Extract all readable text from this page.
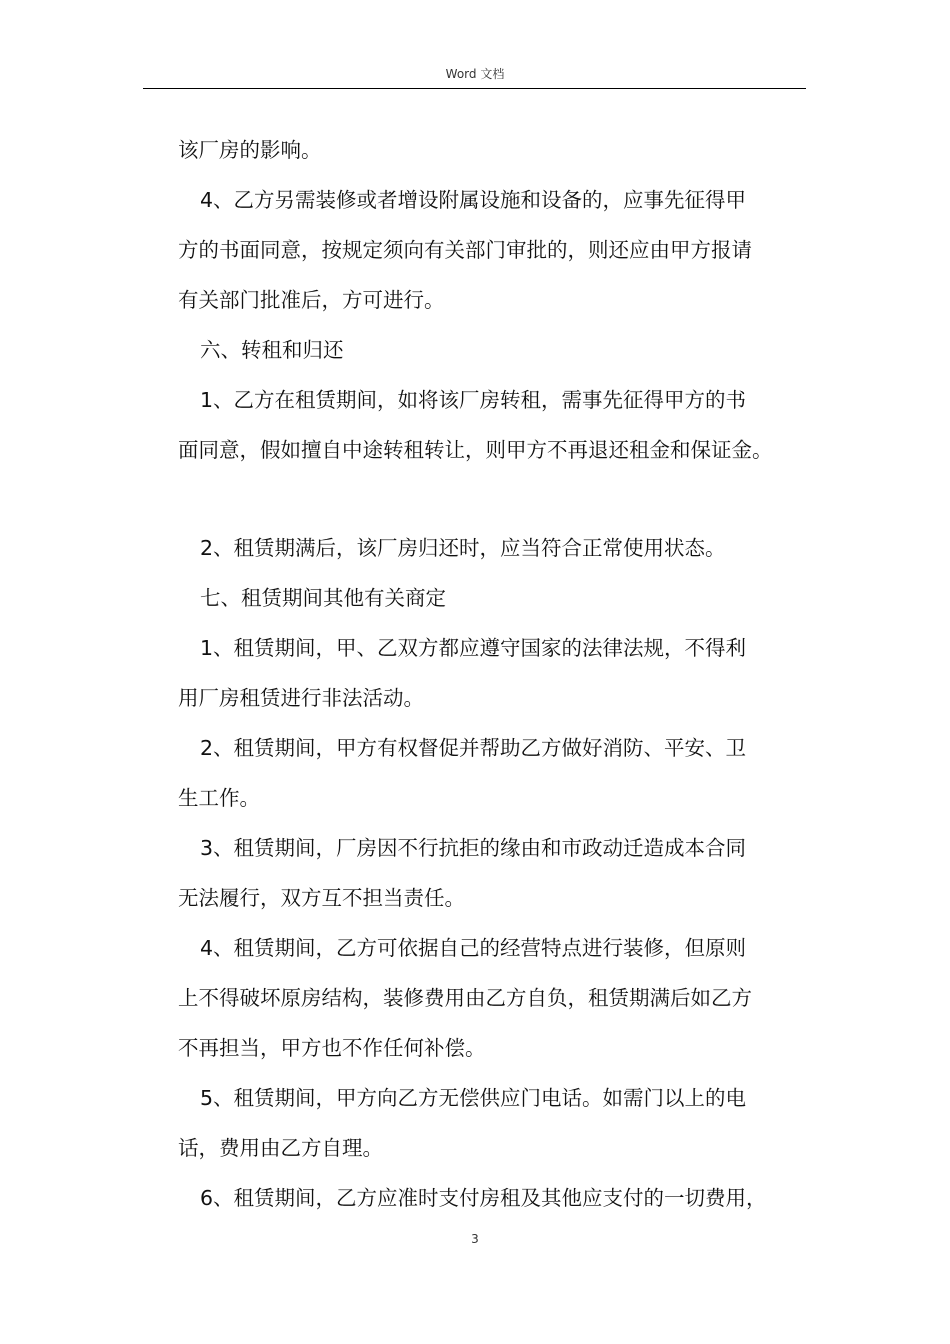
Word 文档
该厂房的影响。
4、乙方另需装修或者增设附属设施和设备的，应事先征得甲
方的书面同意，按规定须向有关部门审批的，则还应由甲方报请
有关部门批准后，方可进行。
六、转租和归还
1、乙方在租赁期间，如将该厂房转租，需事先征得甲方的书
面同意，假如擅自中途转租转让，则甲方不再退还租金和保证金。
2、租赁期满后，该厂房归还时，应当符合正常使用状态。
七、租赁期间其他有关商定
1、租赁期间，甲、乙双方都应遵守国家的法律法规，不得利
用厂房租赁进行非法活动。
2、租赁期间，甲方有权督促并帮助乙方做好消防、平安、卫
生工作。
3、租赁期间，厂房因不行抗拒的缘由和市政动迁造成本合同
无法履行，双方互不担当责任。
4、租赁期间，乙方可依据自己的经营特点进行装修，但原则
上不得破坏原房结构，装修费用由乙方自负，租赁期满后如乙方
不再担当，甲方也不作任何补偿。
5、租赁期间，甲方向乙方无偿供应门电话。如需门以上的电
话，费用由乙方自理。
6、租赁期间，乙方应准时支付房租及其他应支付的一切费用，
3
